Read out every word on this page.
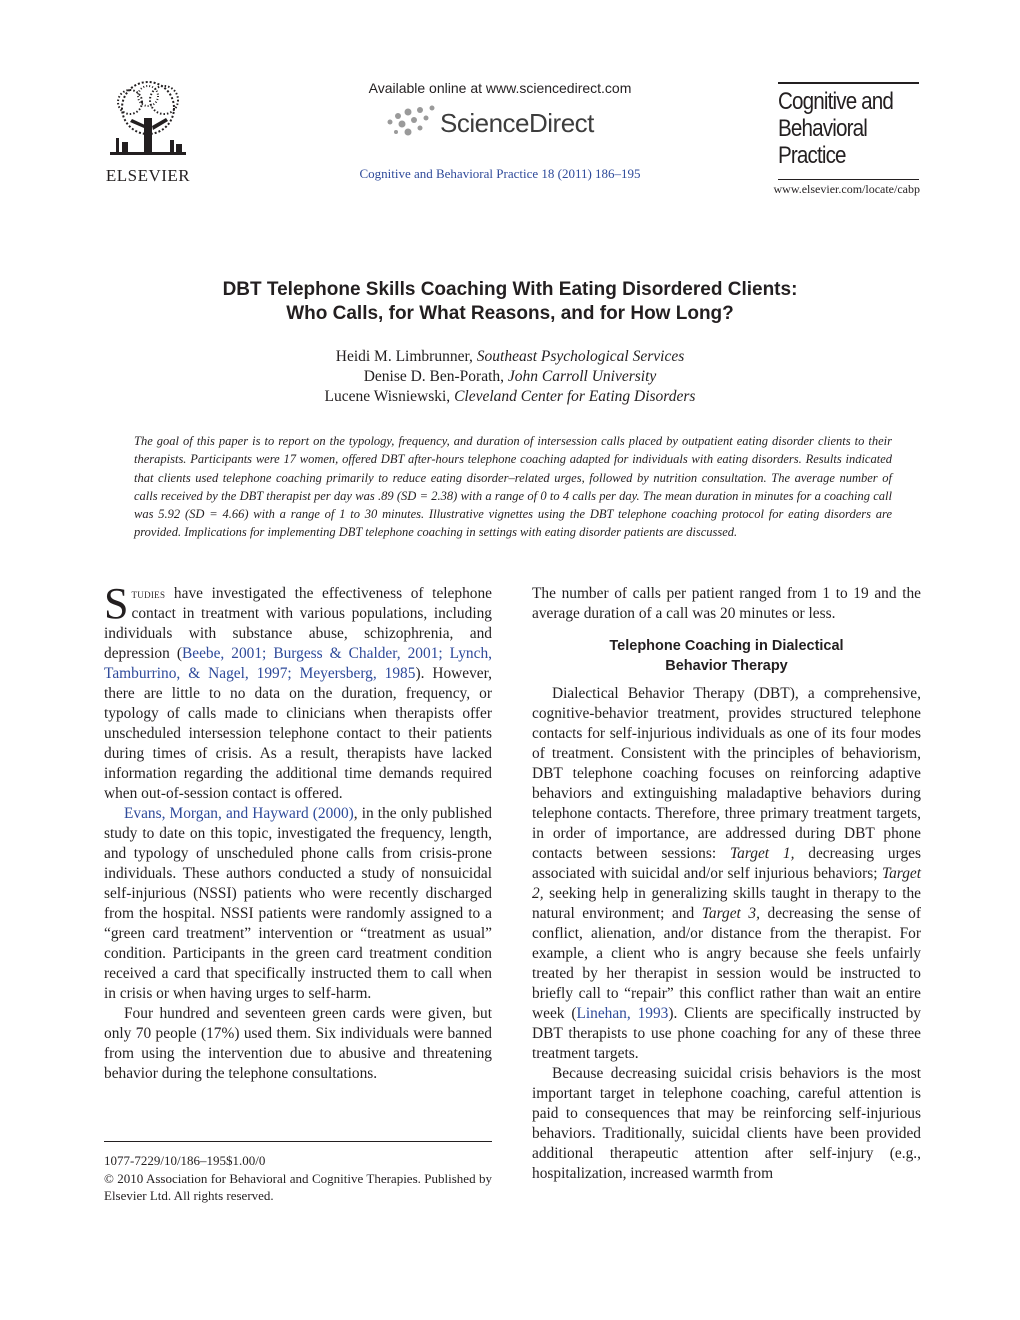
ELSEVIER
Available online at www.sciencedirect.com
ScienceDirect
Cognitive and Behavioral Practice 18 (2011) 186–195
Cognitive and
Behavioral
Practice
www.elsevier.com/locate/cabp
DBT Telephone Skills Coaching With Eating Disordered Clients:
Who Calls, for What Reasons, and for How Long?
Heidi M. Limbrunner, Southeast Psychological Services
Denise D. Ben-Porath, John Carroll University
Lucene Wisniewski, Cleveland Center for Eating Disorders
The goal of this paper is to report on the typology, frequency, and duration of intersession calls placed by outpatient eating disorder clients to their therapists. Participants were 17 women, offered DBT after-hours telephone coaching adapted for individuals with eating disorders. Results indicated that clients used telephone coaching primarily to reduce eating disorder–related urges, followed by nutrition consultation. The average number of calls received by the DBT therapist per day was .89 (SD = 2.38) with a range of 0 to 4 calls per day. The mean duration in minutes for a coaching call was 5.92 (SD = 4.66) with a range of 1 to 30 minutes. Illustrative vignettes using the DBT telephone coaching protocol for eating disorders are provided. Implications for implementing DBT telephone coaching in settings with eating disorder patients are discussed.

Studies have investigated the effectiveness of telephone contact in treatment with various populations, including individuals with substance abuse, schizophrenia, and depression (Beebe, 2001; Burgess & Chalder, 2001; Lynch, Tamburrino, & Nagel, 1997; Meyersberg, 1985). However, there are little to no data on the duration, frequency, or typology of calls made to clinicians when therapists offer unscheduled intersession telephone contact to their patients during times of crisis. As a result, therapists have lacked information regarding the additional time demands required when out-of-session contact is offered.

Evans, Morgan, and Hayward (2000), in the only published study to date on this topic, investigated the frequency, length, and typology of unscheduled phone calls from crisis-prone individuals. These authors conducted a study of nonsuicidal self-injurious (NSSI) patients who were recently discharged from the hospital. NSSI patients were randomly assigned to a “green card treatment” intervention or “treatment as usual” condition. Participants in the green card treatment condition received a card that specifically instructed them to call when in crisis or when having urges to self-harm.

Four hundred and seventeen green cards were given, but only 70 people (17%) used them. Six individuals were banned from using the intervention due to abusive and threatening behavior during the telephone consultations.

The number of calls per patient ranged from 1 to 19 and the average duration of a call was 20 minutes or less.

Telephone Coaching in Dialectical
Behavior Therapy

Dialectical Behavior Therapy (DBT), a comprehensive, cognitive-behavior treatment, provides structured telephone contacts for self-injurious individuals as one of its four modes of treatment. Consistent with the principles of behaviorism, DBT telephone coaching focuses on reinforcing adaptive behaviors and extinguishing maladaptive behaviors during telephone contacts. Therefore, three primary treatment targets, in order of importance, are addressed during DBT phone contacts between sessions: Target 1, decreasing urges associated with suicidal and/or self injurious behaviors; Target 2, seeking help in generalizing skills taught in therapy to the natural environment; and Target 3, decreasing the sense of conflict, alienation, and/or distance from the therapist. For example, a client who is angry because she feels unfairly treated by her therapist in session would be instructed to briefly call to “repair” this conflict rather than wait an entire week (Linehan, 1993). Clients are specifically instructed by DBT therapists to use phone coaching for any of these three treatment targets.

Because decreasing suicidal crisis behaviors is the most important target in telephone coaching, careful attention is paid to consequences that may be reinforcing self-injurious behaviors. Traditionally, suicidal clients have been provided additional therapeutic attention after self-injury (e.g., hospitalization, increased warmth from

1077-7229/10/186–195$1.00/0
© 2010 Association for Behavioral and Cognitive Therapies. Published by Elsevier Ltd. All rights reserved.
